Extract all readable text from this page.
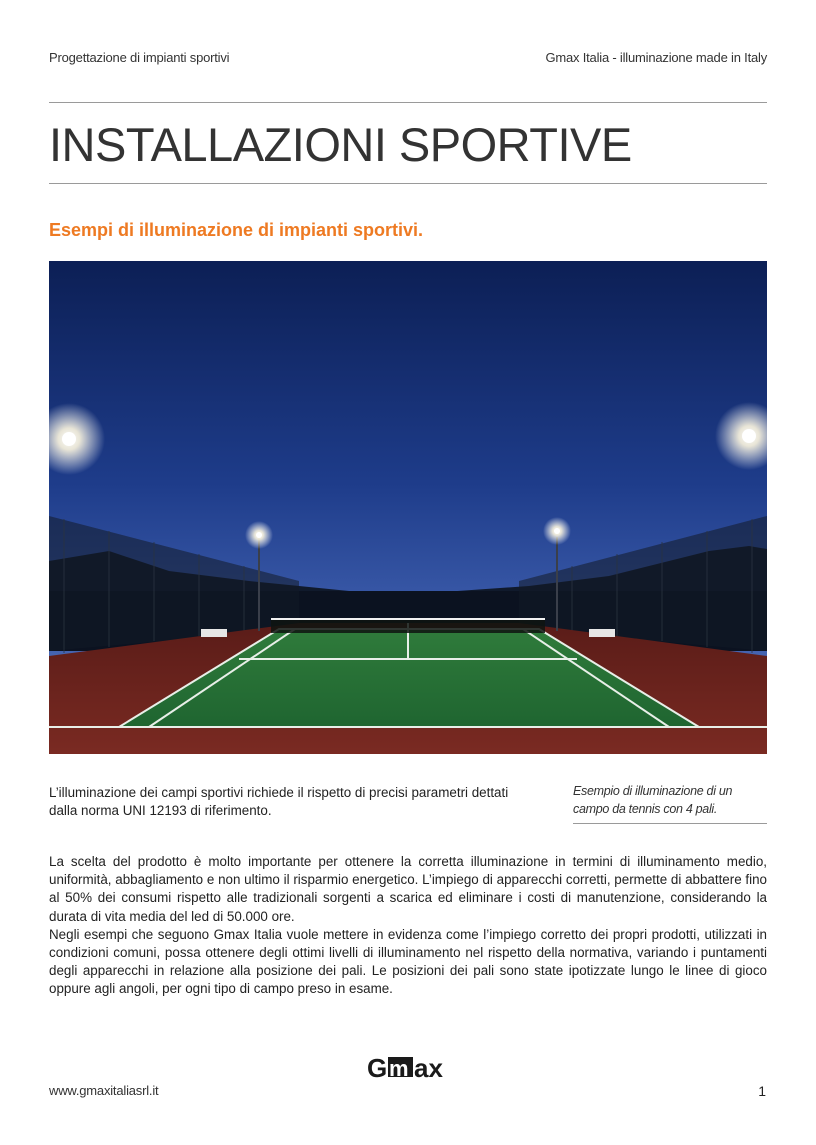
Progettazione di impianti sportivi	Gmax Italia - illuminazione made in Italy
INSTALLAZIONI SPORTIVE
Esempi di illuminazione di impianti sportivi.
L’illuminazione dei campi sportivi richiede il rispetto di precisi parametri dettati dalla norma UNI 12193 di riferimento.
Esempio di illuminazione di un campo da tennis con 4 pali.

La scelta del prodotto è molto importante per ottenere la corretta illuminazione in termini di illuminamento medio, uniformità, abbagliamento e non ultimo il risparmio energetico. L’impiego di apparecchi corretti, permette di abbattere fino al 50% dei consumi rispetto alle tradizionali sorgenti a scarica ed eliminare i costi di manutenzione, considerando la durata di vita media del led di 50.000 ore.

Negli esempi che seguono Gmax Italia vuole mettere in evidenza come l’impiego corretto dei propri prodotti, utilizzati in condizioni comuni, possa ottenere degli ottimi livelli di illuminamento nel rispetto della normativa, variando i puntamenti degli apparecchi in relazione alla posizione dei pali. Le posizioni dei pali sono state ipotizzate lungo le linee di gioco oppure agli angoli, per ogni tipo di campo preso in esame.

G m ax
www.gmaxitaliasrl.it	1
